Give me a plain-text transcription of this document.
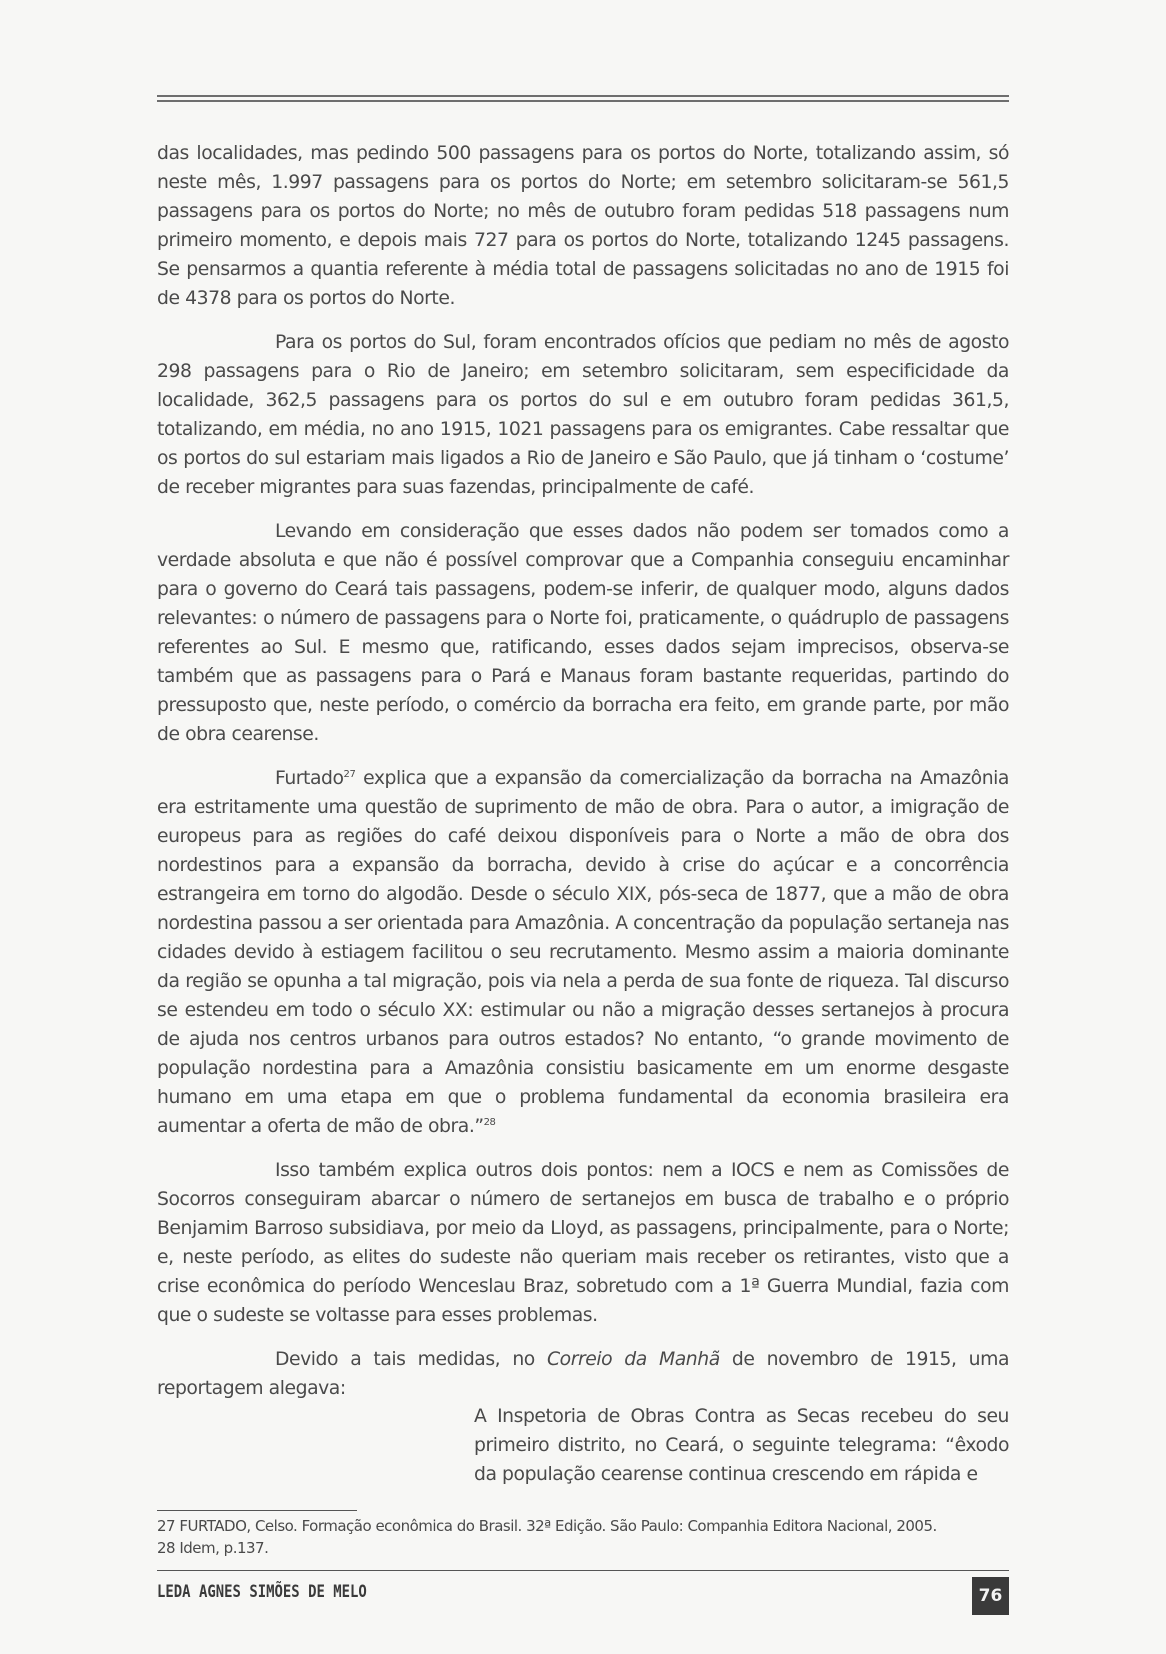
das localidades, mas pedindo 500 passagens para os portos do Norte, totalizando assim, só neste mês, 1.997 passagens para os portos do Norte; em setembro solicitaram-se 561,5 passagens para os portos do Norte; no mês de outubro foram pedidas 518 passagens num primeiro momento, e depois mais 727 para os portos do Norte, totalizando 1245 passagens. Se pensarmos a quantia referente à média total de passagens solicitadas no ano de 1915 foi de 4378 para os portos do Norte.

Para os portos do Sul, foram encontrados ofícios que pediam no mês de agosto 298 passagens para o Rio de Janeiro; em setembro solicitaram, sem especificidade da localidade, 362,5 passagens para os portos do sul e em outubro foram pedidas 361,5, totalizando, em média, no ano 1915, 1021 passagens para os emigrantes. Cabe ressaltar que os portos do sul estariam mais ligados a Rio de Janeiro e São Paulo, que já tinham o ‘costume’ de receber migrantes para suas fazendas, principalmente de café.

Levando em consideração que esses dados não podem ser tomados como a verdade absoluta e que não é possível comprovar que a Companhia conseguiu encaminhar para o governo do Ceará tais passagens, podem-se inferir, de qualquer modo, alguns dados relevantes: o número de passagens para o Norte foi, praticamente, o quádruplo de passagens referentes ao Sul. E mesmo que, ratificando, esses dados sejam imprecisos, observa-se também que as passagens para o Pará e Manaus foram bastante requeridas, partindo do pressuposto que, neste período, o comércio da borracha era feito, em grande parte, por mão de obra cearense.

Furtado$^{27}$ explica que a expansão da comercialização da borracha na Amazônia era estritamente uma questão de suprimento de mão de obra. Para o autor, a imigração de europeus para as regiões do café deixou disponíveis para o Norte a mão de obra dos nordestinos para a expansão da borracha, devido à crise do açúcar e a concorrência estrangeira em torno do algodão. Desde o século XIX, pós-seca de 1877, que a mão de obra nordestina passou a ser orientada para Amazônia. A concentração da população sertaneja nas cidades devido à estiagem facilitou o seu recrutamento. Mesmo assim a maioria dominante da região se opunha a tal migração, pois via nela a perda de sua fonte de riqueza. Tal discurso se estendeu em todo o século XX: estimular ou não a migração desses sertanejos à procura de ajuda nos centros urbanos para outros estados? No entanto, “o grande movimento de população nordestina para a Amazônia consistiu basicamente em um enorme desgaste humano em uma etapa em que o problema fundamental da economia brasileira era aumentar a oferta de mão de obra.”$^{28}$

Isso também explica outros dois pontos: nem a IOCS e nem as Comissões de Socorros conseguiram abarcar o número de sertanejos em busca de trabalho e o próprio Benjamim Barroso subsidiava, por meio da Lloyd, as passagens, principalmente, para o Norte; e, neste período, as elites do sudeste não queriam mais receber os retirantes, visto que a crise econômica do período Wenceslau Braz, sobretudo com a 1ª Guerra Mundial, fazia com que o sudeste se voltasse para esses problemas.

Devido a tais medidas, no Correio da Manhã de novembro de 1915, uma reportagem alegava:

A Inspetoria de Obras Contra as Secas recebeu do seu primeiro distrito, no Ceará, o seguinte telegrama: “êxodo da população cearense continua crescendo em rápida e

27 FURTADO, Celso. Formação econômica do Brasil. 32ª Edição. São Paulo: Companhia Editora Nacional, 2005.
28 Idem, p.137.
LEDA AGNES SIMÕES DE MELO	76
